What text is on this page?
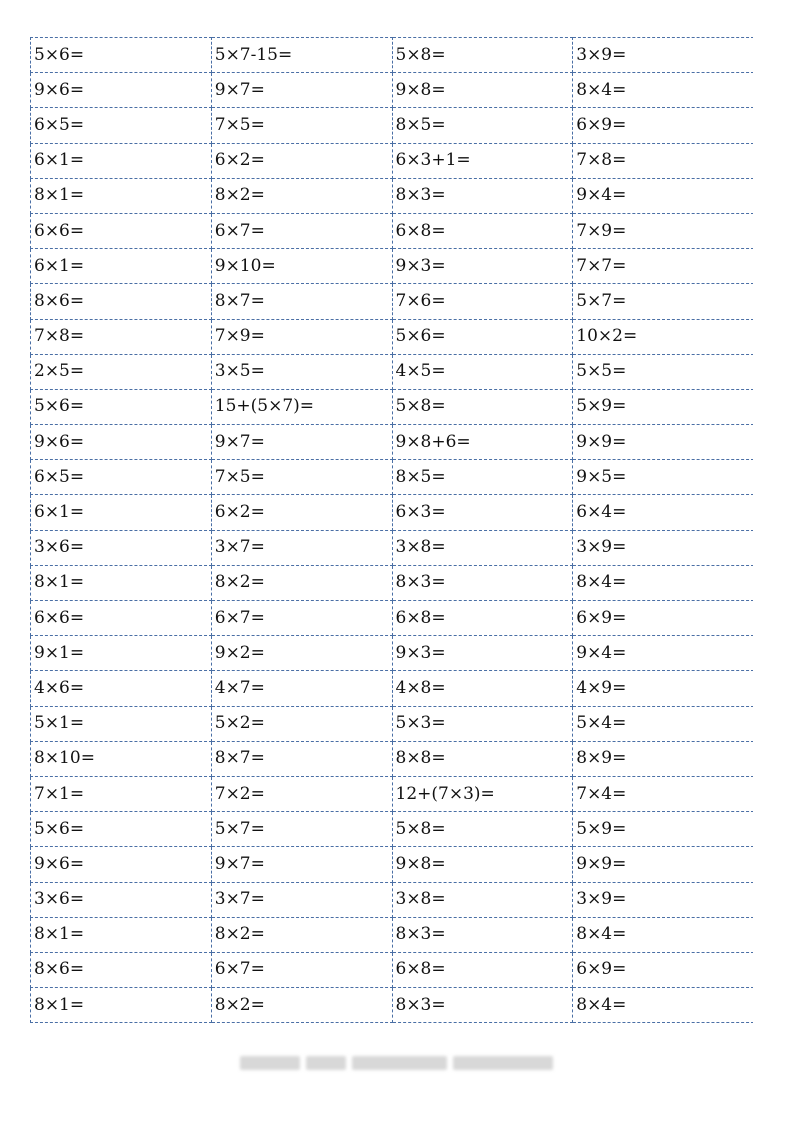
5×6=	5×7-15=	5×8=	3×9=
9×6=	9×7=	9×8=	8×4=
6×5=	7×5=	8×5=	6×9=
6×1=	6×2=	6×3+1=	7×8=
8×1=	8×2=	8×3=	9×4=
6×6=	6×7=	6×8=	7×9=
6×1=	9×10=	9×3=	7×7=
8×6=	8×7=	7×6=	5×7=
7×8=	7×9=	5×6=	10×2=
2×5=	3×5=	4×5=	5×5=
5×6=	15+(5×7)=	5×8=	5×9=
9×6=	9×7=	9×8+6=	9×9=
6×5=	7×5=	8×5=	9×5=
6×1=	6×2=	6×3=	6×4=
3×6=	3×7=	3×8=	3×9=
8×1=	8×2=	8×3=	8×4=
6×6=	6×7=	6×8=	6×9=
9×1=	9×2=	9×3=	9×4=
4×6=	4×7=	4×8=	4×9=
5×1=	5×2=	5×3=	5×4=
8×10=	8×7=	8×8=	8×9=
7×1=	7×2=	12+(7×3)=	7×4=
5×6=	5×7=	5×8=	5×9=
9×6=	9×7=	9×8=	9×9=
3×6=	3×7=	3×8=	3×9=
8×1=	8×2=	8×3=	8×4=
8×6=	6×7=	6×8=	6×9=
8×1=	8×2=	8×3=	8×4=
